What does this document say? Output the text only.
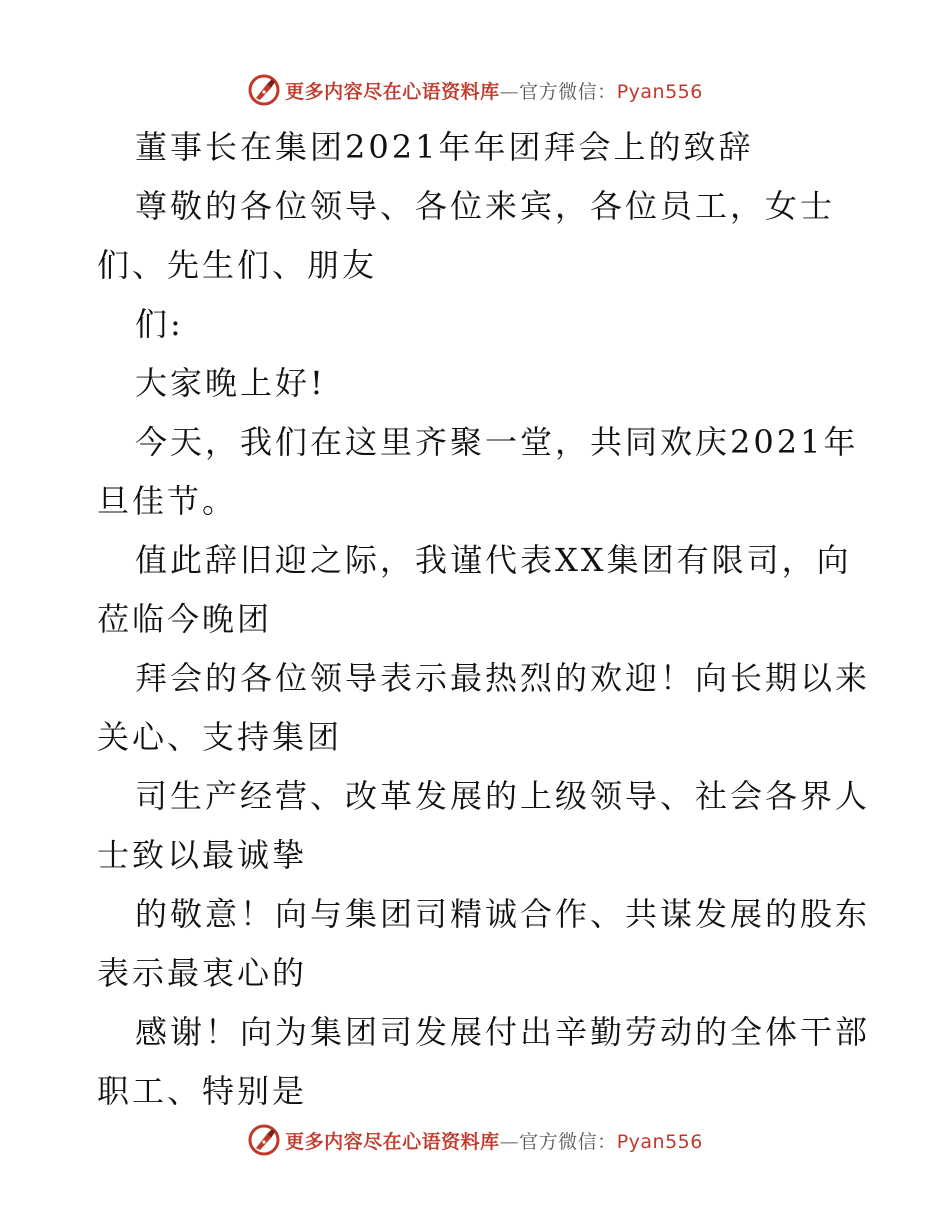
更多内容尽在心语资料库—官方微信：Pyan556

董事长在集团2021年年团拜会上的致辞

尊敬的各位领导、各位来宾，各位员工，女士

们、先生们、朋友

们:

大家晚上好!

今天，我们在这里齐聚一堂，共同欢庆2021年

旦佳节。

值此辞旧迎之际，我谨代表XX集团有限司，向

莅临今晚团

拜会的各位领导表示最热烈的欢迎！向长期以来

关心、支持集团

司生产经营、改革发展的上级领导、社会各界人

士致以最诚挚

的敬意！向与集团司精诚合作、共谋发展的股东

表示最衷心的

感谢！向为集团司发展付出辛勤劳动的全体干部

职工、特别是

更多内容尽在心语资料库—官方微信：Pyan556
